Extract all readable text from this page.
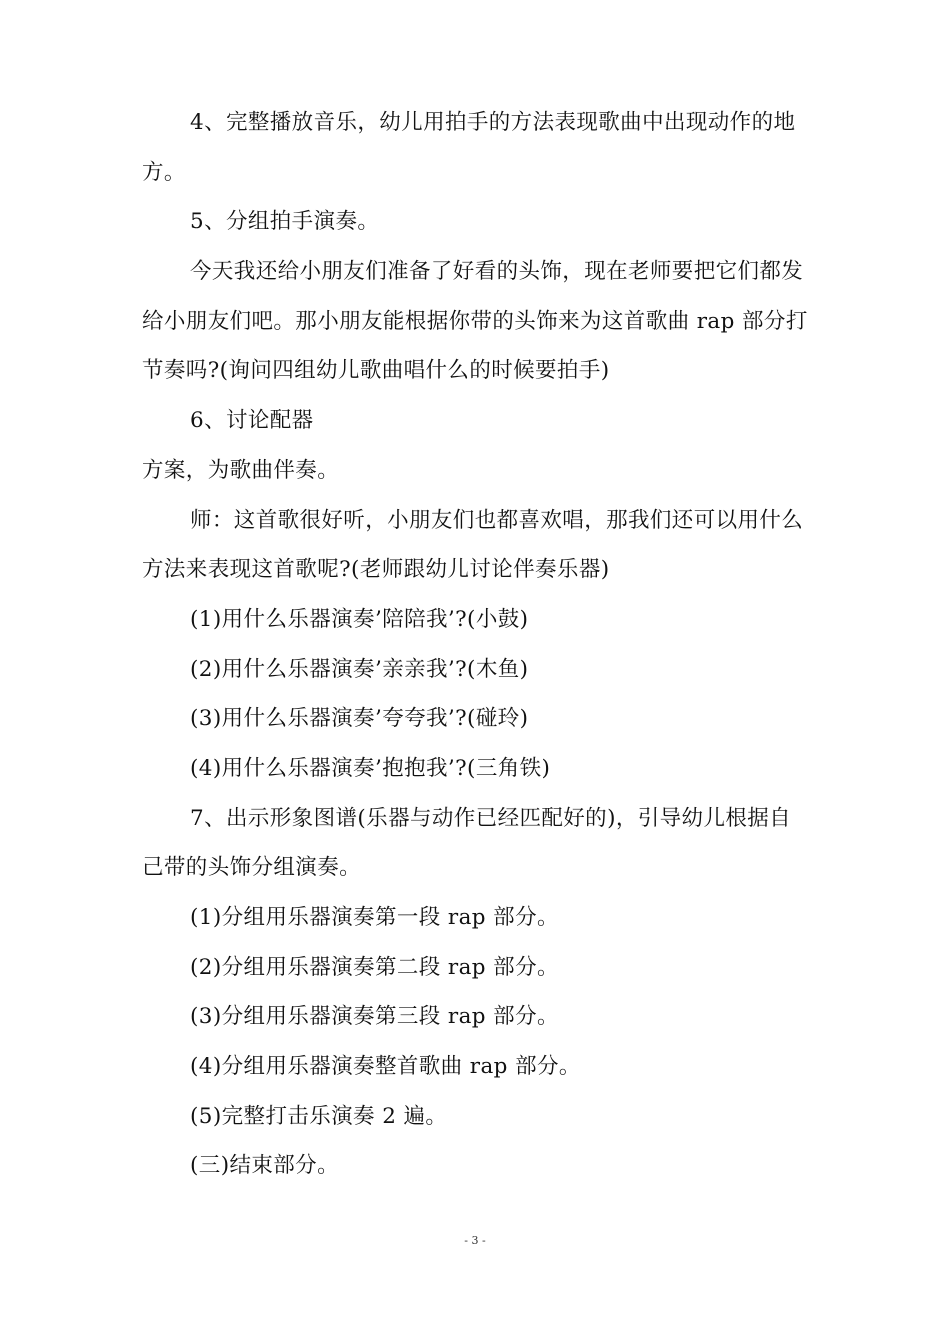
4、完整播放音乐，幼儿用拍手的方法表现歌曲中出现动作的地
方。
5、分组拍手演奏。
今天我还给小朋友们准备了好看的头饰，现在老师要把它们都发
给小朋友们吧。那小朋友能根据你带的头饰来为这首歌曲 rap 部分打
节奏吗?(询问四组幼儿歌曲唱什么的时候要拍手)
6、讨论配器
方案，为歌曲伴奏。
师：这首歌很好听，小朋友们也都喜欢唱，那我们还可以用什么
方法来表现这首歌呢?(老师跟幼儿讨论伴奏乐器)
(1)用什么乐器演奏’陪陪我’?(小鼓)
(2)用什么乐器演奏’亲亲我’?(木鱼)
(3)用什么乐器演奏’夸夸我’?(碰玲)
(4)用什么乐器演奏’抱抱我’?(三角铁)
7、出示形象图谱(乐器与动作已经匹配好的)，引导幼儿根据自
己带的头饰分组演奏。
(1)分组用乐器演奏第一段 rap 部分。
(2)分组用乐器演奏第二段 rap 部分。
(3)分组用乐器演奏第三段 rap 部分。
(4)分组用乐器演奏整首歌曲 rap 部分。
(5)完整打击乐演奏 2 遍。
(三)结束部分。
- 3 -
